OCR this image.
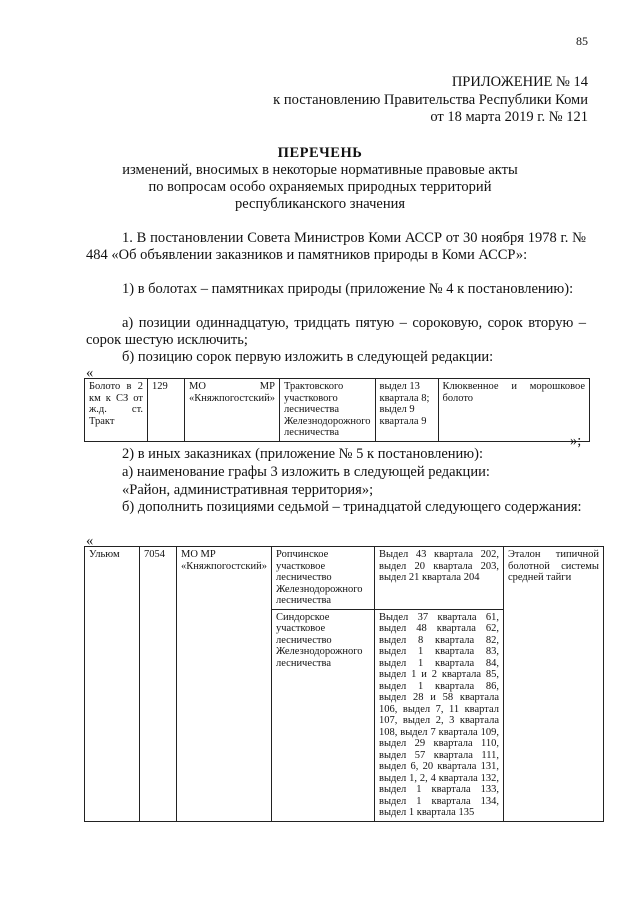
85
ПРИЛОЖЕНИЕ № 14
к постановлению Правительства Республики Коми
от 18 марта 2019 г. № 121
ПЕРЕЧЕНЬ
изменений, вносимых в некоторые нормативные правовые акты
по вопросам особо охраняемых природных территорий
республиканского значения
1. В постановлении Совета Министров Коми АССР от 30 ноября 1978 г. № 484 «Об объявлении заказников и памятников природы в Коми АССР»:
1) в болотах – памятниках природы (приложение № 4 к постановлению):
а) позиции одиннадцатую, тридцать пятую – сороковую, сорок вторую – сорок шестую исключить;
б) позицию сорок первую изложить в следующей редакции:
«
Болото в 2 км к СЗ от ж.д. ст. Тракт	129	МО МР «Княжпогостский»	Трактовского участкового лесничества Железнодорожного лесничества	выдел 13 квартала 8; выдел 9 квартала 9	Клюквенное и морошковое болото
»;
2) в иных заказниках (приложение № 5 к постановлению):
а) наименование графы 3 изложить в следующей редакции:
«Район, административная территория»;
б) дополнить позициями седьмой – тринадцатой следующего содержания:
«
Ульюм	7054	МО МР «Княжпогостский»	Ропчинское участковое лесничество Железнодорожного лесничества	Выдел 43 квартала 202, выдел 20 квартала 203, выдел 21 квартала 204	Эталон типичной болотной системы средней тайги
			Синдорское участковое лесничество Железнодорожного лесничества	Выдел 37 квартала 61, выдел 48 квартала 62, выдел 8 квартала 82, выдел 1 квартала 83, выдел 1 квартала 84, выдел 1 и 2 квартала 85, выдел 1 квартала 86, выдел 28 и 58 квартала 106, выдел 7, 11 квартал 107, выдел 2, 3 квартала 108, выдел 7 квартала 109, выдел 29 квартала 110, выдел 57 квартала 111, выдел 6, 20 квартала 131, выдел 1, 2, 4 квартала 132, выдел 1 квартала 133, выдел 1 квартала 134, выдел 1 квартала 135	
